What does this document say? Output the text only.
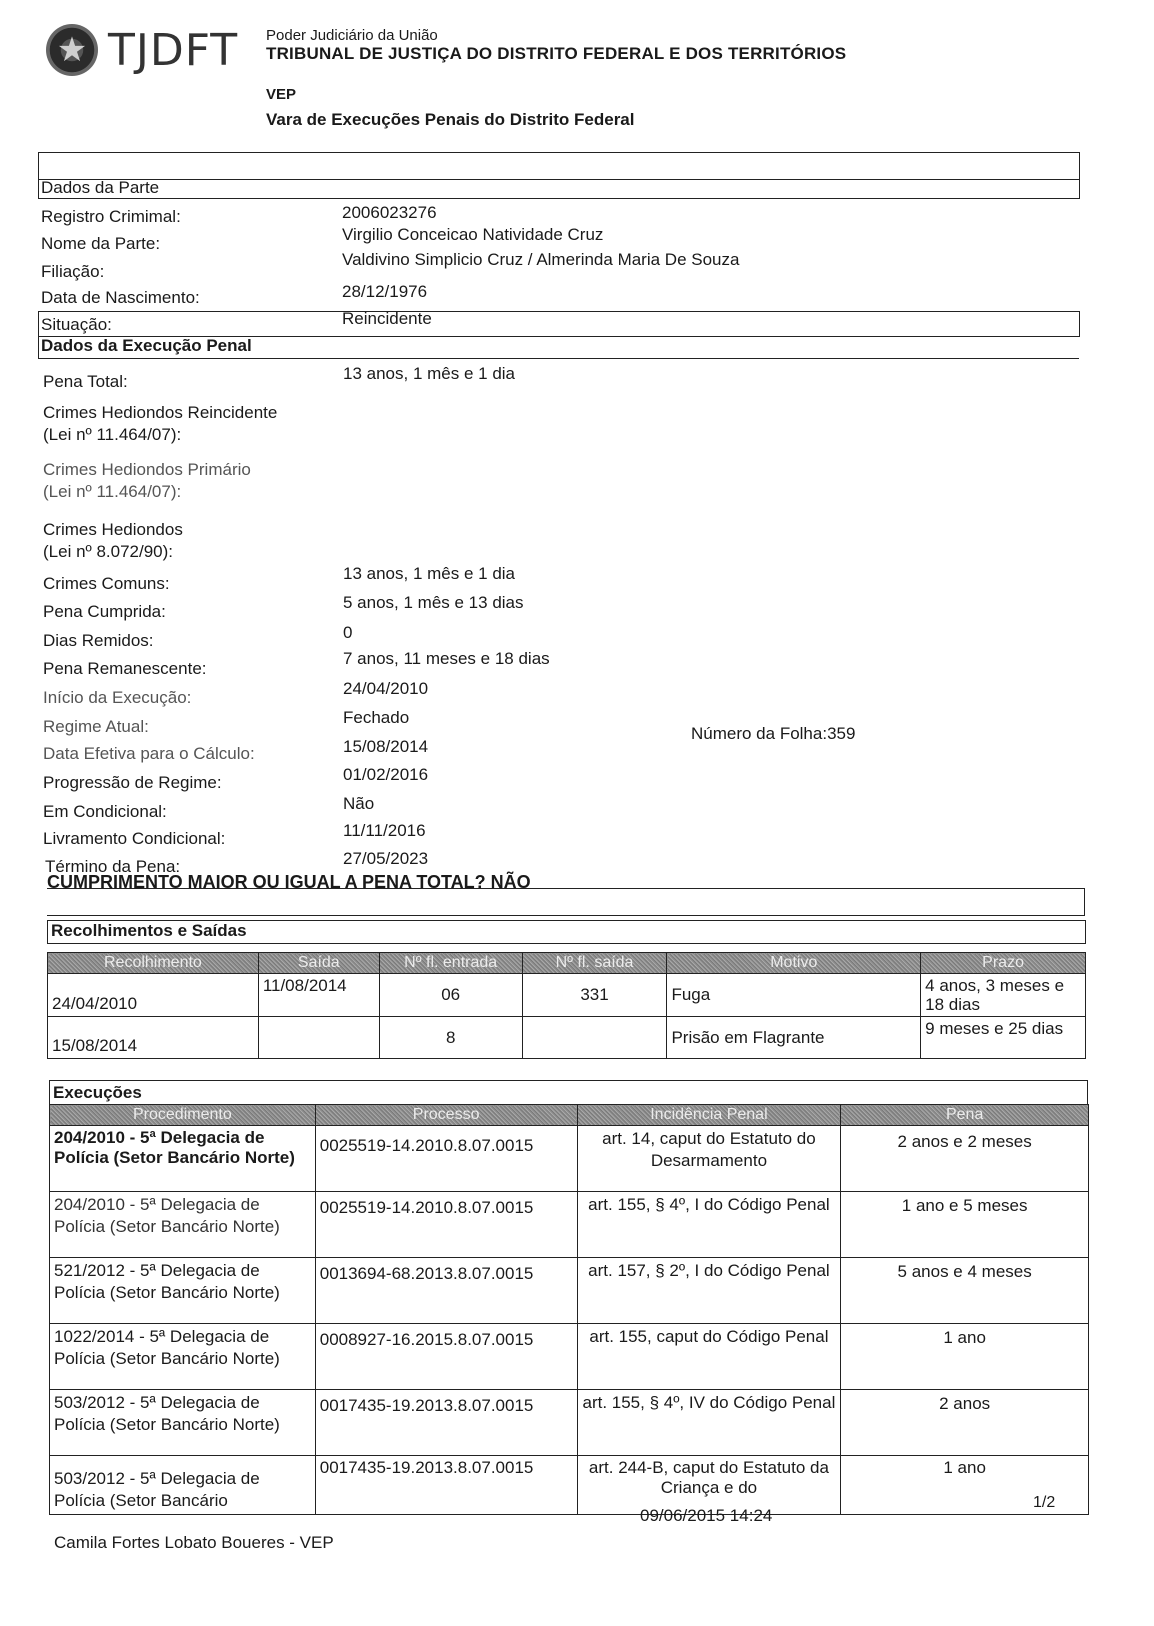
★
TJDFT Poder Judiciário da União
TRIBUNAL DE JUSTIÇA DO DISTRITO FEDERAL E DOS TERRITÓRIOS
VEP
Vara de Execuções Penais do Distrito Federal
Dados da Parte
Registro Crimimal:	2006023276
Nome da Parte:	Virgilio Conceicao Natividade Cruz
Filiação:
Valdivino Simplicio Cruz / Almerinda Maria De Souza
Data de Nascimento:	28/12/1976
Situação:	Reincidente
Dados da Execução Penal
Pena Total:	13 anos, 1 mês e 1 dia
Crimes Hediondos Reincidente
(Lei nº 11.464/07):
Crimes Hediondos Primário
(Lei nº 11.464/07):
Crimes Hediondos
(Lei nº 8.072/90):
Crimes Comuns:
13 anos, 1 mês e 1 dia
Pena Cumprida:	5 anos, 1 mês e 13 dias
Dias Remidos:	0
Pena Remanescente:
7 anos, 11 meses e 18 dias
Início da Execução:	24/04/2010
Regime Atual:	Fechado
Data Efetiva para o Cálculo:	15/08/2014
Progressão de Regime:	01/02/2016
Em Condicional:	Não
Livramento Condicional:	11/11/2016
Término da Pena:	27/05/2023
Número da Folha:359
CUMPRIMENTO MAIOR OU IGUAL A PENA TOTAL? NÃO
Recolhimentos e Saídas
Recolhimento	Saída	Nº fl. entrada	Nº fl. saída	Motivo	Prazo
24/04/2010	11/08/2014	06	331	Fuga	4 anos, 3 meses e 18 dias
15/08/2014		8		Prisão em Flagrante	9 meses e 25 dias
Execuções
Procedimento	Processo	Incidência Penal	Pena
204/2010 - 5ª Delegacia de Polícia (Setor Bancário Norte)	0025519-14.2010.8.07.0015	art. 14, caput do Estatuto do Desarmamento	2 anos e 2 meses
204/2010 - 5ª Delegacia de Polícia (Setor Bancário Norte)	0025519-14.2010.8.07.0015	art. 155, § 4º, I do Código Penal	1 ano e 5 meses
521/2012 - 5ª Delegacia de Polícia (Setor Bancário Norte)	0013694-68.2013.8.07.0015	art. 157, § 2º, I do Código Penal	5 anos e 4 meses
1022/2014 - 5ª Delegacia de Polícia (Setor Bancário Norte)	0008927-16.2015.8.07.0015	art. 155, caput do Código Penal	1 ano
503/2012 - 5ª Delegacia de Polícia (Setor Bancário Norte)	0017435-19.2013.8.07.0015	art. 155, § 4º, IV do Código Penal	2 anos
503/2012 - 5ª Delegacia de Polícia (Setor Bancário	0017435-19.2013.8.07.0015	art. 244-B, caput do Estatuto da Criança e do	1 ano
Camila Fortes Lobato Boueres - VEP
09/06/2015 14:24
1/2
